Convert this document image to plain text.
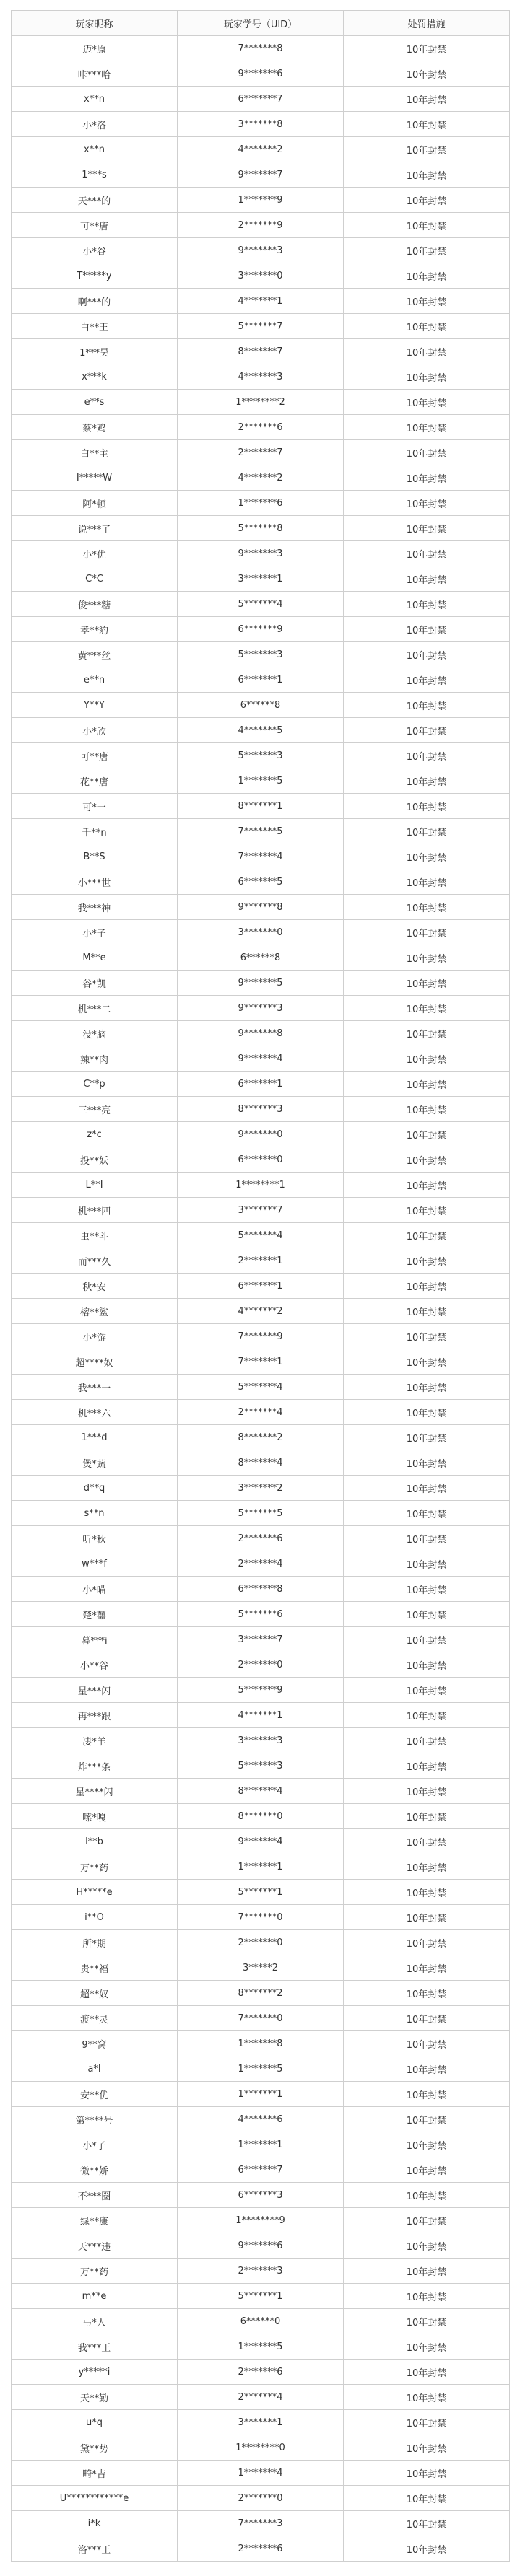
玩家昵称	玩家学号（UID）	处罚措施
迈*原	7*******8	10年封禁
咔***哈	9*******6	10年封禁
x**n	6*******7	10年封禁
小*洛	3*******8	10年封禁
x**n	4*******2	10年封禁
1***s	9*******7	10年封禁
天***的	1*******9	10年封禁
可**唐	2*******9	10年封禁
小*谷	9*******3	10年封禁
T*****y	3*******0	10年封禁
啊***的	4*******1	10年封禁
白**王	5*******7	10年封禁
1***昊	8*******7	10年封禁
x***k	4*******3	10年封禁
e**s	1********2	10年封禁
蔡*鸡	2*******6	10年封禁
白**主	2*******7	10年封禁
I*****W	4*******2	10年封禁
阿*顿	1*******6	10年封禁
说***了	5*******8	10年封禁
小*优	9*******3	10年封禁
C*C	3*******1	10年封禁
俊***糖	5*******4	10年封禁
孝**豹	6*******9	10年封禁
黄***丝	5*******3	10年封禁
e**n	6*******1	10年封禁
Y**Y	6******8	10年封禁
小*欣	4*******5	10年封禁
可**唐	5*******3	10年封禁
花**唐	1*******5	10年封禁
可*一	8*******1	10年封禁
千**n	7*******5	10年封禁
B**S	7*******4	10年封禁
小***世	6*******5	10年封禁
我***神	9*******8	10年封禁
小*子	3*******0	10年封禁
M**e	6******8	10年封禁
谷*凯	9*******5	10年封禁
机***二	9*******3	10年封禁
没*脑	9*******8	10年封禁
辣**肉	9*******4	10年封禁
C**p	6*******1	10年封禁
三***亮	8*******3	10年封禁
z*c	9*******0	10年封禁
投**妖	6*******0	10年封禁
L**I	1********1	10年封禁
机***四	3*******7	10年封禁
虫**斗	5*******4	10年封禁
而***久	2*******1	10年封禁
秋*安	6*******1	10年封禁
榕**鲨	4*******2	10年封禁
小*游	7*******9	10年封禁
超****奴	7*******1	10年封禁
我***一	5*******4	10年封禁
机***六	2*******4	10年封禁
1***d	8*******2	10年封禁
煲*蔬	8*******4	10年封禁
d**q	3*******2	10年封禁
s**n	5*******5	10年封禁
听*秋	2*******6	10年封禁
w***f	2*******4	10年封禁
小*喵	6*******8	10年封禁
楚*囍	5*******6	10年封禁
暮***i	3*******7	10年封禁
小**谷	2*******0	10年封禁
星***闪	5*******9	10年封禁
再***跟	4*******1	10年封禁
凄*羊	3*******3	10年封禁
炸***条	5*******3	10年封禁
星****闪	8*******4	10年封禁
嗦*嘎	8*******0	10年封禁
l**b	9*******4	10年封禁
万**药	1*******1	10年封禁
H*****e	5*******1	10年封禁
i**O	7*******0	10年封禁
所*期	2*******0	10年封禁
贵**福	3*****2	10年封禁
超**奴	8*******2	10年封禁
渡**灵	7*******0	10年封禁
9**窝	1*******8	10年封禁
a*l	1*******5	10年封禁
安**优	1*******1	10年封禁
第****号	4*******6	10年封禁
小*子	1*******1	10年封禁
微**娇	6*******7	10年封禁
不***圈	6*******3	10年封禁
绿**康	1********9	10年封禁
天***违	9*******6	10年封禁
万**药	2*******3	10年封禁
m**e	5*******1	10年封禁
弓*人	6******0	10年封禁
我***王	1*******5	10年封禁
y*****i	2*******6	10年封禁
天**勤	2*******4	10年封禁
u*q	3*******1	10年封禁
黛**势	1********0	10年封禁
畸*吉	1*******4	10年封禁
U************e	2*******0	10年封禁
i*k	7*******3	10年封禁
洛***王	2*******6	10年封禁
